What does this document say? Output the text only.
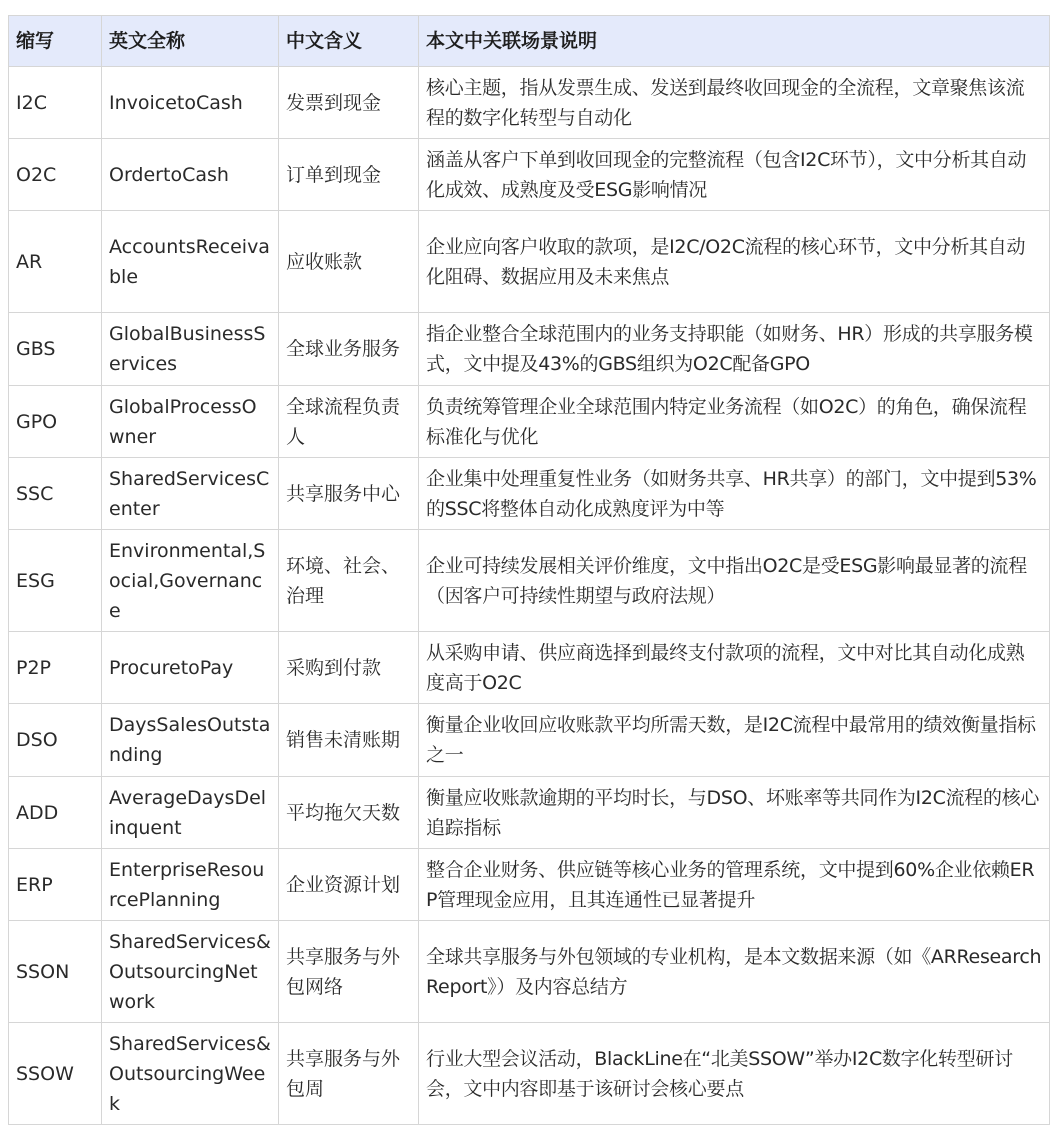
缩写	英文全称	中文含义	本文中关联场景说明
I2C	InvoicetoCash	发票到现金	核心主题，指从发票生成、发送到最终收回现金的全流程，文章聚焦该流程的数字化转型与自动化
O2C	OrdertoCash	订单到现金	涵盖从客户下单到收回现金的完整流程（包含I2C环节），文中分析其自动化成效、成熟度及受ESG影响情况
AR	AccountsReceivable	应收账款	企业应向客户收取的款项，是I2C/O2C流程的核心环节，文中分析其自动化阻碍、数据应用及未来焦点
GBS	GlobalBusinessServices	全球业务服务	指企业整合全球范围内的业务支持职能（如财务、HR）形成的共享服务模式，文中提及43%的GBS组织为O2C配备GPO
GPO	GlobalProcessOwner	全球流程负责人	负责统筹管理企业全球范围内特定业务流程（如O2C）的角色，确保流程标准化与优化
SSC	SharedServicesCenter	共享服务中心	企业集中处理重复性业务（如财务共享、HR共享）的部门，文中提到53%的SSC将整体自动化成熟度评为中等
ESG	Environmental,Social,Governance	环境、社会、治理	企业可持续发展相关评价维度，文中指出O2C是受ESG影响最显著的流程（因客户可持续性期望与政府法规）
P2P	ProcuretoPay	采购到付款	从采购申请、供应商选择到最终支付款项的流程，文中对比其自动化成熟度高于O2C
DSO	DaysSalesOutstanding	销售未清账期	衡量企业收回应收账款平均所需天数，是I2C流程中最常用的绩效衡量指标之一
ADD	AverageDaysDelinquent	平均拖欠天数	衡量应收账款逾期的平均时长，与DSO、坏账率等共同作为I2C流程的核心追踪指标
ERP	EnterpriseResourcePlanning	企业资源计划	整合企业财务、供应链等核心业务的管理系统，文中提到60%企业依赖ERP管理现金应用，且其连通性已显著提升
SSON	SharedServices&OutsourcingNetwork	共享服务与外包网络	全球共享服务与外包领域的专业机构，是本文数据来源（如《ARResearchReport》）及内容总结方
SSOW	SharedServices&OutsourcingWeek	共享服务与外包周	行业大型会议活动，BlackLine在“北美SSOW”举办I2C数字化转型研讨会，文中内容即基于该研讨会核心要点
